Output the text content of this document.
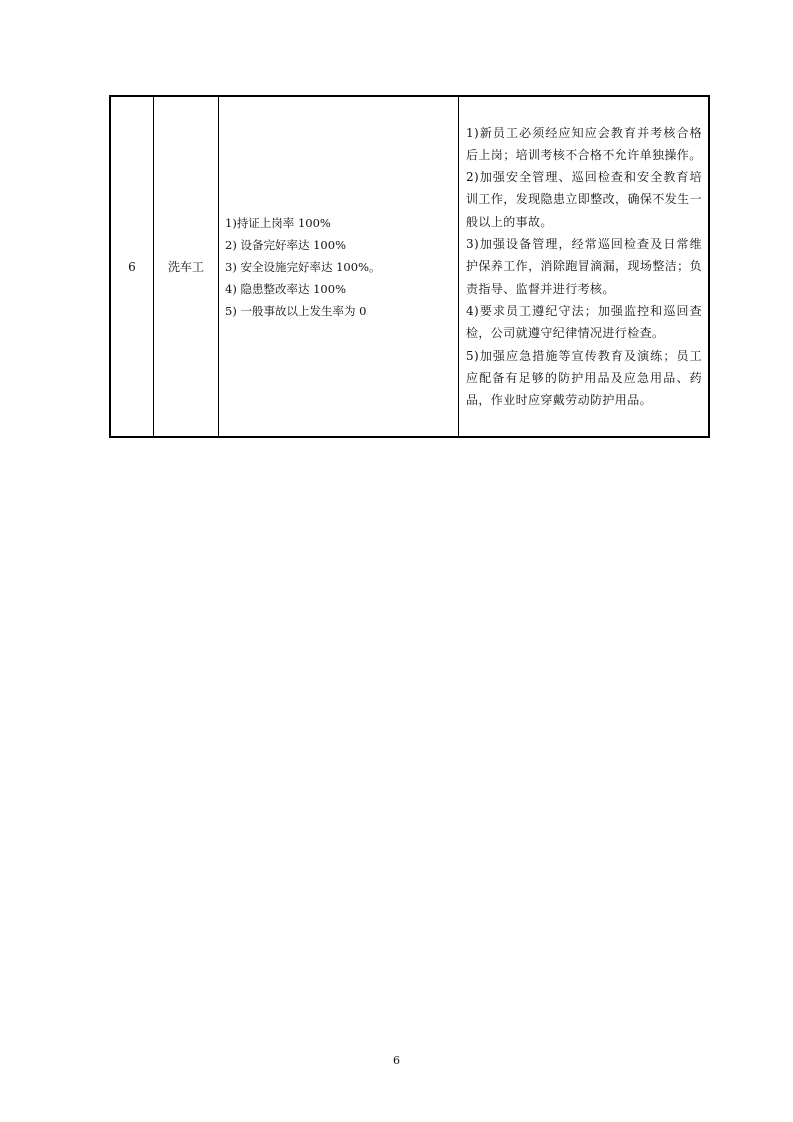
6	洗车工
1)持证上岗率 100%
2) 设备完好率达 100%
3) 安全设施完好率达 100%。
4) 隐患整改率达 100%
5) 一般事故以上发生率为 0
1)新员工必须经应知应会教育并考核合格后上岗；培训考核不合格不允许单独操作。
2)加强安全管理、巡回检查和安全教育培训工作，发现隐患立即整改，确保不发生一般以上的事故。
3)加强设备管理，经常巡回检查及日常维护保养工作，消除跑冒滴漏，现场整洁；负责指导、监督并进行考核。
4)要求员工遵纪守法；加强监控和巡回查检，公司就遵守纪律情况进行检查。
5)加强应急措施等宣传教育及演练；员工应配备有足够的防护用品及应急用品、药品，作业时应穿戴劳动防护用品。
6
